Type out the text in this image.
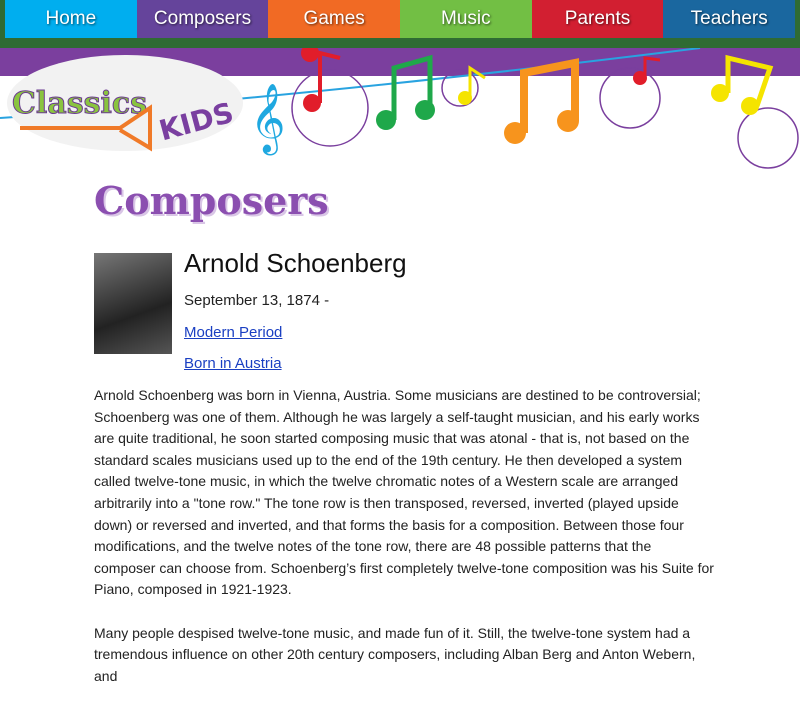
Home	Composers	Games	Music	Parents	Teachers
Classics KIDS 𝄞
Composers
Arnold Schoenberg
September 13, 1874 -
Modern Period
Born in Austria

Arnold Schoenberg was born in Vienna, Austria. Some musicians are destined to be controversial; Schoenberg was one of them. Although he was largely a self-taught musician, and his early works are quite traditional, he soon started composing music that was atonal - that is, not based on the standard scales musicians used up to the end of the 19th century. He then developed a system called twelve-tone music, in which the twelve chromatic notes of a Western scale are arranged arbitrarily into a "tone row." The tone row is then transposed, reversed, inverted (played upside down) or reversed and inverted, and that forms the basis for a composition. Between those four modifications, and the twelve notes of the tone row, there are 48 possible patterns that the composer can choose from. Schoenberg’s first completely twelve-tone composition was his Suite for Piano, composed in 1921-1923.

Many people despised twelve-tone music, and made fun of it. Still, the twelve-tone system had a tremendous influence on other 20th century composers, including Alban Berg and Anton Webern, and
